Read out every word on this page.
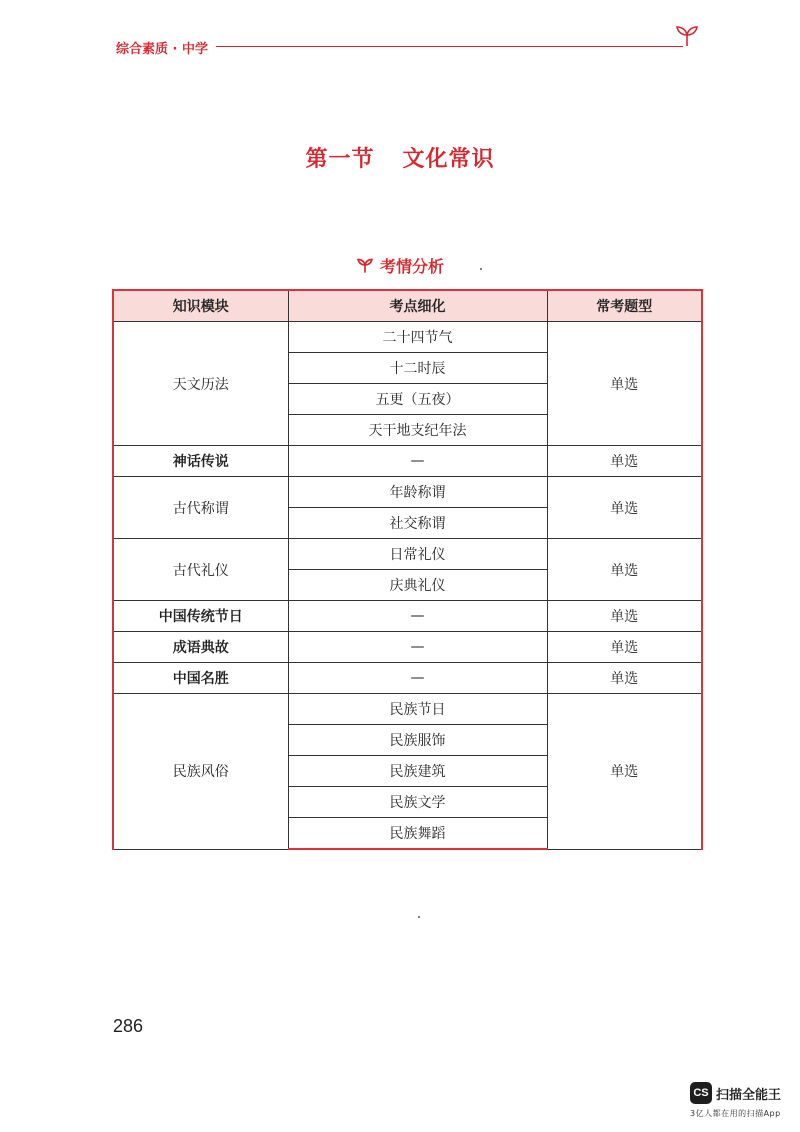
综合素质 · 中学
第一节 文化常识
考情分析
知识模块	考点细化	常考题型
天文历法	二十四节气	单选
	十二时辰	
	五更（五夜）	
	天干地支纪年法	
神话传说	—	单选
古代称谓	年龄称谓	单选
	社交称谓	
古代礼仪	日常礼仪	单选
	庆典礼仪	
中国传统节日	—	单选
成语典故	—	单选
中国名胜	—	单选
民族风俗	民族节日	单选
	民族服饰	
	民族建筑	
	民族文学	
	民族舞蹈	
286
CS 扫描全能王
3亿人都在用的扫描App
